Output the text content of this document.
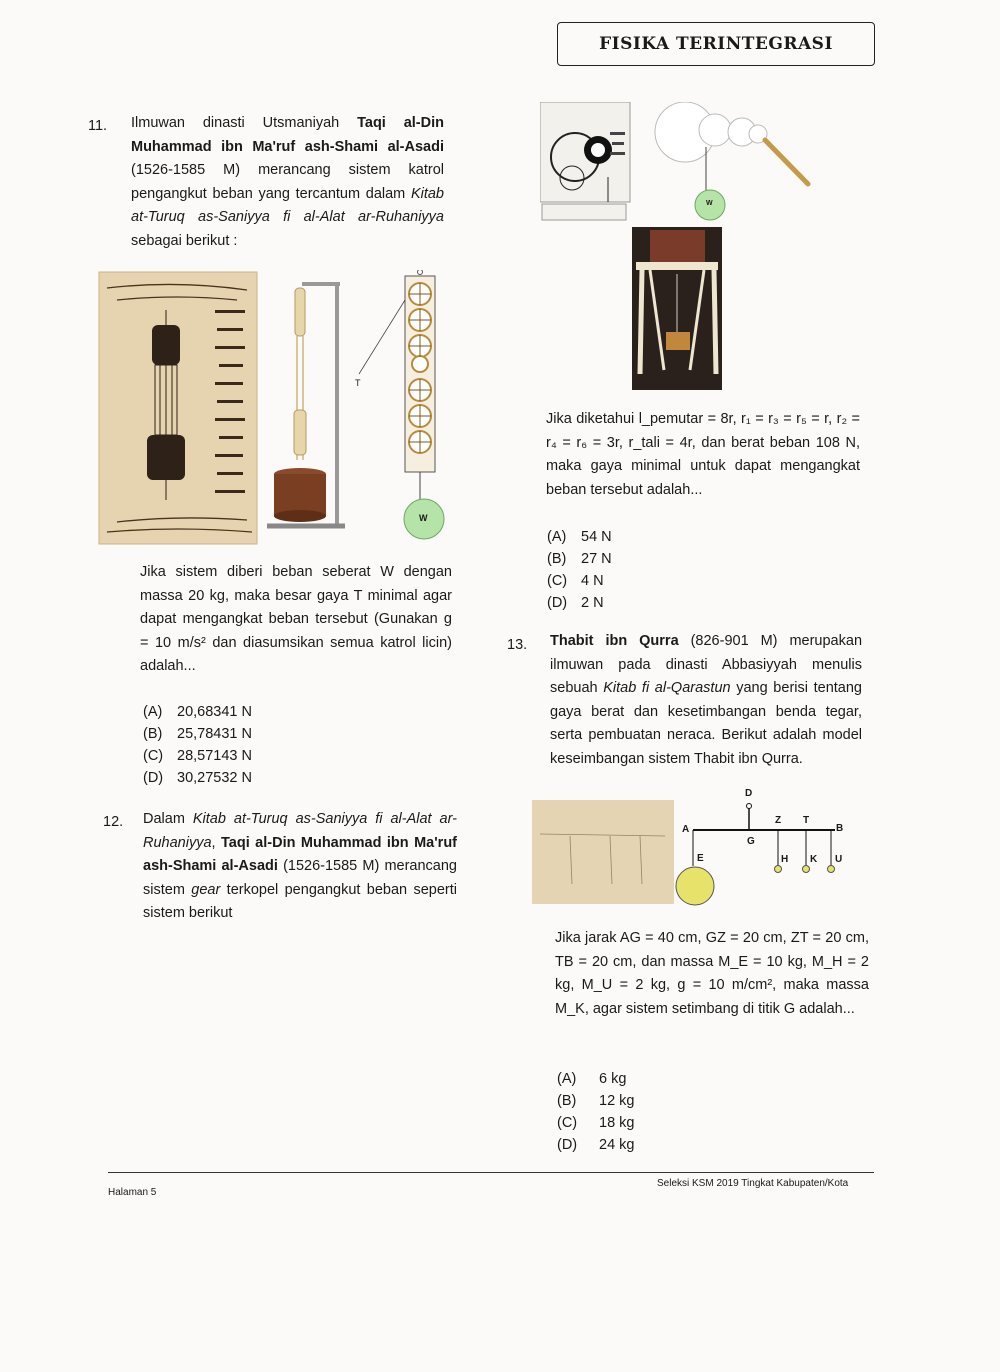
FISIKA TERINTEGRASI
11. Ilmuwan dinasti Utsmaniyah Taqi al-Din Muhammad ibn Ma'ruf ash-Shami al-Asadi (1526-1585 M) merancang sistem katrol pengangkut beban yang tercantum dalam Kitab at-Turuq as-Saniyya fi al-Alat ar-Ruhaniyya sebagai berikut :
T
W
Jika sistem diberi beban seberat W dengan massa 20 kg, maka besar gaya T minimal agar dapat mengangkat beban tersebut (Gunakan g = 10 m/s² dan diasumsikan semua katrol licin) adalah...
(A)	20,68341 N
(B)	25,78431 N
(C) 28,57143 N
(D) 30,27532 N
12. Dalam Kitab at-Turuq as-Saniyya fi al-Alat ar-Ruhaniyya, Taqi al-Din Muhammad ibn Ma'ruf ash-Shami al-Asadi (1526-1585 M) merancang sistem gear terkopel pengangkut beban seperti sistem berikut
W
Jika diketahui l_pemutar = 8r, r₁ = r₃ = r₅ = r, r₂ = r₄ = r₆ = 3r, r_tali = 4r, dan berat beban 108 N, maka gaya minimal untuk dapat mengangkat beban tersebut adalah...
(A)	54 N
(B)	27 N
(C) 4 N
(D) 2 N
13. Thabit ibn Qurra (826-901 M) merupakan ilmuwan pada dinasti Abbasiyyah menulis sebuah Kitab fi al-Qarastun yang berisi tentang gaya berat dan kesetimbangan benda tegar, serta pembuatan neraca. Berikut adalah model keseimbangan sistem Thabit ibn Qurra.
D
A	B
G
Z T
E	H K U
Jika jarak AG = 40 cm, GZ = 20 cm, ZT = 20 cm, TB = 20 cm, dan massa M_E = 10 kg, M_H = 2 kg, M_U = 2 kg, g = 10 m/cm², maka massa M_K, agar sistem setimbang di titik G adalah...
(A)	6 kg
(B)	12 kg
(C)	18 kg
(D)	24 kg
Halaman 5
Seleksi KSM 2019 Tingkat Kabupaten/Kota
